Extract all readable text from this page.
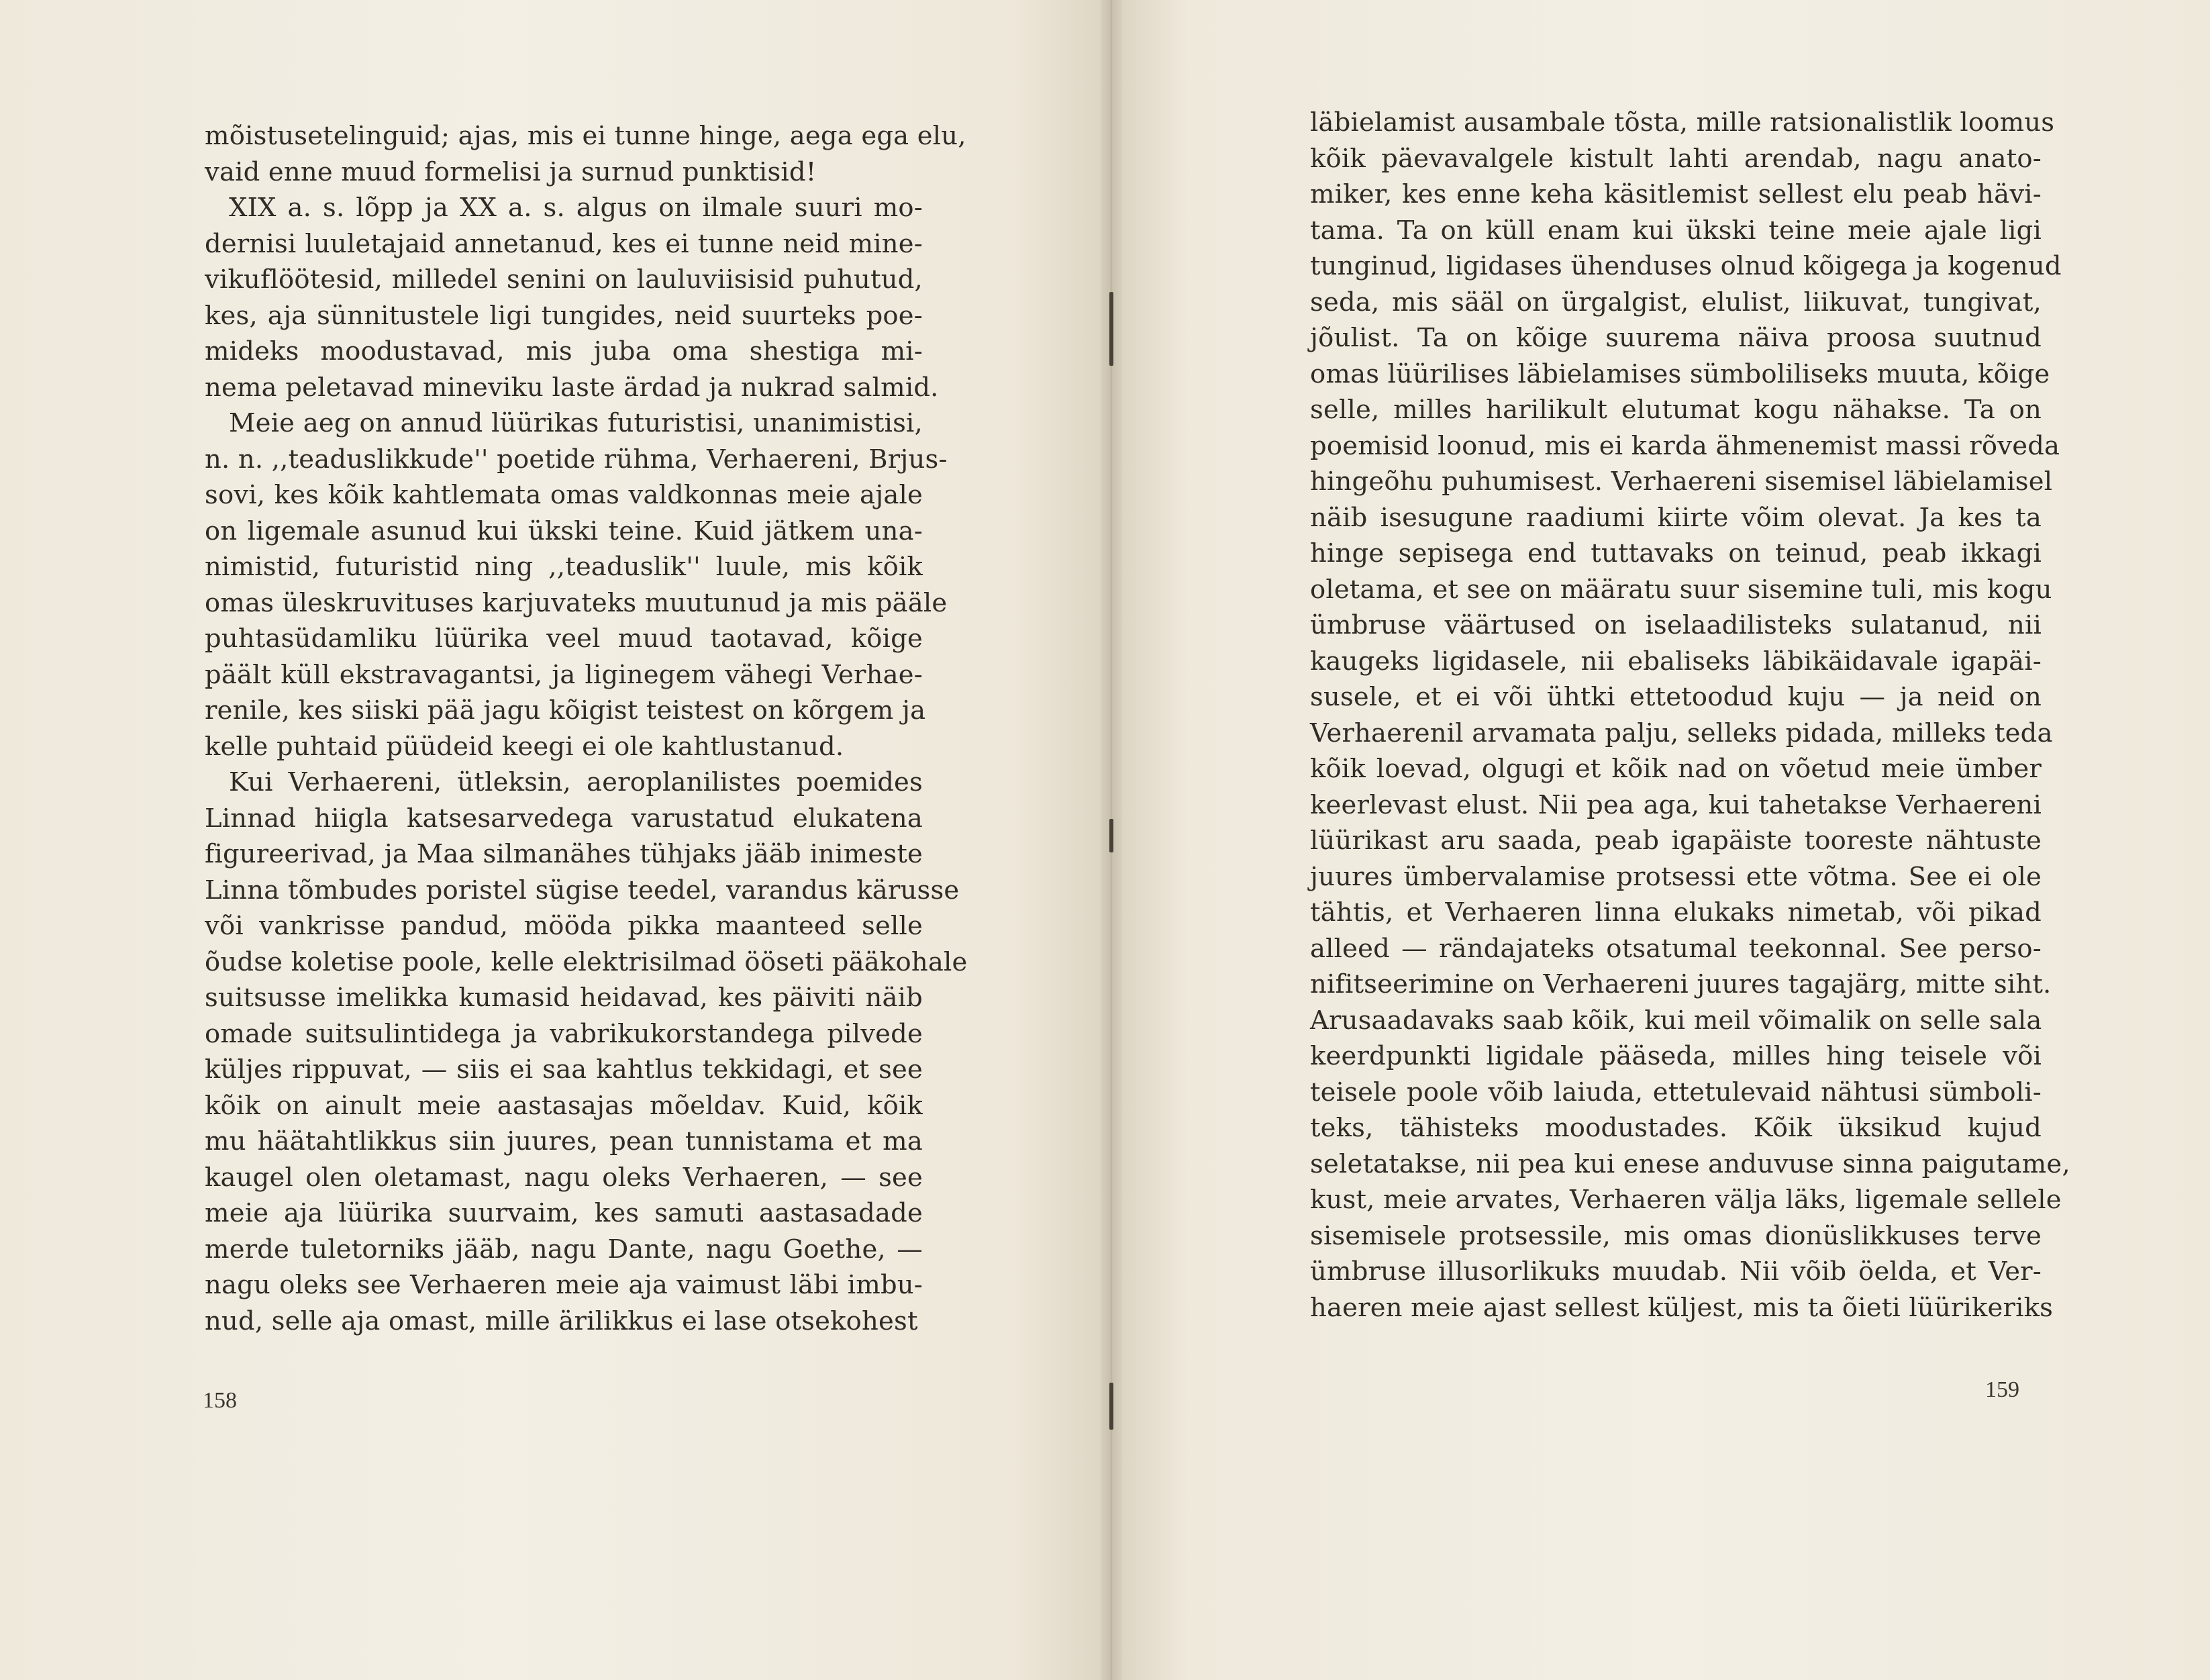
mõistusetelinguid; ajas, mis ei tunne hinge, aega ega elu,
vaid enne muud formelisi ja surnud punktisid!
XIX a. s. lõpp ja XX a. s. algus on ilmale suuri mo-
dernisi luuletajaid annetanud, kes ei tunne neid mine-
vikuflöötesid, milledel senini on lauluviisisid puhutud,
kes, aja sünnitustele ligi tungides, neid suurteks poe-
mideks moodustavad, mis juba oma shestiga mi-
nema peletavad mineviku laste ärdad ja nukrad salmid.
Meie aeg on annud lüürikas futuristisi, unanimistisi,
n. n. ,,teaduslikkude'' poetide rühma, Verhaereni, Brjus-
sovi, kes kõik kahtlemata omas valdkonnas meie ajale
on ligemale asunud kui ükski teine. Kuid jätkem una-
nimistid, futuristid ning ,,teaduslik'' luule, mis kõik
omas üleskruvituses karjuvateks muutunud ja mis pääle
puhtasüdamliku lüürika veel muud taotavad, kõige
päält küll ekstravagantsi, ja liginegem vähegi Verhae-
renile, kes siiski pää jagu kõigist teistest on kõrgem ja
kelle puhtaid püüdeid keegi ei ole kahtlustanud.
Kui Verhaereni, ütleksin, aeroplanilistes poemides
Linnad hiigla katsesarvedega varustatud elukatena
figureerivad, ja Maa silmanähes tühjaks jääb inimeste
Linna tõmbudes poristel sügise teedel, varandus kärusse
või vankrisse pandud, mööda pikka maanteed selle
õudse koletise poole, kelle elektrisilmad ööseti pääkohale
suitsusse imelikka kumasid heidavad, kes päiviti näib
omade suitsulintidega ja vabrikukorstandega pilvede
küljes rippuvat, — siis ei saa kahtlus tekkidagi, et see
kõik on ainult meie aastasajas mõeldav. Kuid, kõik
mu häätahtlikkus siin juures, pean tunnistama et ma
kaugel olen oletamast, nagu oleks Verhaeren, — see
meie aja lüürika suurvaim, kes samuti aastasadade
merde tuletorniks jääb, nagu Dante, nagu Goethe, —
nagu oleks see Verhaeren meie aja vaimust läbi imbu-
nud, selle aja omast, mille ärilikkus ei lase otsekohest
158
läbielamist ausambale tõsta, mille ratsionalistlik loomus
kõik päevavalgele kistult lahti arendab, nagu anato-
miker, kes enne keha käsitlemist sellest elu peab hävi-
tama. Ta on küll enam kui ükski teine meie ajale ligi
tunginud, ligidases ühenduses olnud kõigega ja kogenud
seda, mis sääl on ürgalgist, elulist, liikuvat, tungivat,
jõulist. Ta on kõige suurema näiva proosa suutnud
omas lüürilises läbielamises sümboliliseks muuta, kõige
selle, milles harilikult elutumat kogu nähakse. Ta on
poemisid loonud, mis ei karda ähmenemist massi rõveda
hingeõhu puhumisest. Verhaereni sisemisel läbielamisel
näib isesugune raadiumi kiirte võim olevat. Ja kes ta
hinge sepisega end tuttavaks on teinud, peab ikkagi
oletama, et see on määratu suur sisemine tuli, mis kogu
ümbruse väärtused on iselaadilisteks sulatanud, nii
kaugeks ligidasele, nii ebaliseks läbikäidavale igapäi-
susele, et ei või ühtki ettetoodud kuju — ja neid on
Verhaerenil arvamata palju, selleks pidada, milleks teda
kõik loevad, olgugi et kõik nad on võetud meie ümber
keerlevast elust. Nii pea aga, kui tahetakse Verhaereni
lüürikast aru saada, peab igapäiste tooreste nähtuste
juures ümbervalamise protsessi ette võtma. See ei ole
tähtis, et Verhaeren linna elukaks nimetab, või pikad
alleed — rändajateks otsatumal teekonnal. See perso-
nifitseerimine on Verhaereni juures tagajärg, mitte siht.
Arusaadavaks saab kõik, kui meil võimalik on selle sala
keerdpunkti ligidale pääseda, milles hing teisele või
teisele poole võib laiuda, ettetulevaid nähtusi sümboli-
teks, tähisteks moodustades. Kõik üksikud kujud
seletatakse, nii pea kui enese anduvuse sinna paigutame,
kust, meie arvates, Verhaeren välja läks, ligemale sellele
sisemisele protsessile, mis omas dionüslikkuses terve
ümbruse illusorlikuks muudab. Nii võib öelda, et Ver-
haeren meie ajast sellest küljest, mis ta õieti lüürikeriks
159
